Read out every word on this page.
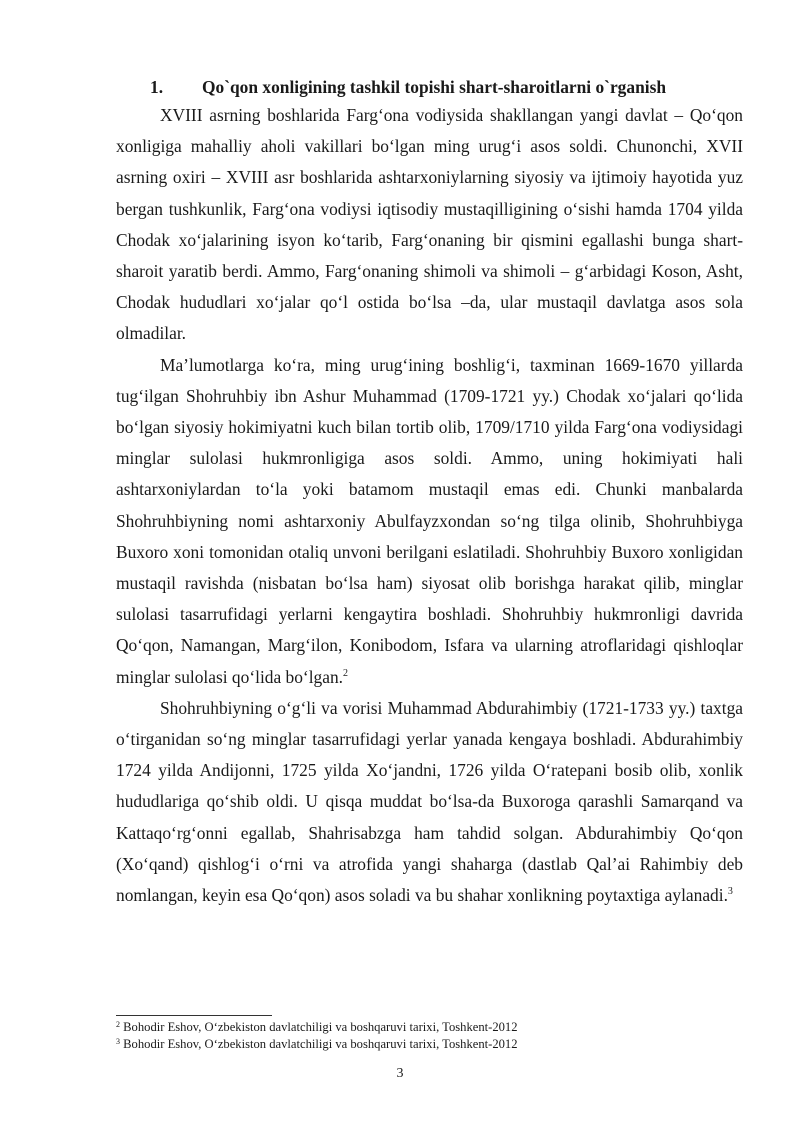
1. Qo`qon xonligining tashkil topishi shart-sharoitlarni o`rganish

XVIII asrning boshlarida Farg‘ona vodiysida shakllangan yangi davlat – Qo‘qon xonligiga mahalliy aholi vakillari bo‘lgan ming urug‘i asos soldi. Chunonchi, XVII asrning oxiri – XVIII asr boshlarida ashtarxoniylarning siyosiy va ijtimoiy hayotida yuz bergan tushkunlik, Farg‘ona vodiysi iqtisodiy mustaqilligining o‘sishi hamda 1704 yilda Chodak xo‘jalarining isyon ko‘tarib, Farg‘onaning bir qismini egallashi bunga shart-sharoit yaratib berdi. Ammo, Farg‘onaning shimoli va shimoli – g‘arbidagi Koson, Asht, Chodak hududlari xo‘jalar qo‘l ostida bo‘lsa –da, ular mustaqil davlatga asos sola olmadilar.

Ma’lumotlarga ko‘ra, ming urug‘ining boshlig‘i, taxminan 1669-1670 yillarda tug‘ilgan Shohruhbiy ibn Ashur Muhammad (1709-1721 yy.) Chodak xo‘jalari qo‘lida bo‘lgan siyosiy hokimiyatni kuch bilan tortib olib, 1709/1710 yilda Farg‘ona vodiysidagi minglar sulolasi hukmronligiga asos soldi. Ammo, uning hokimiyati hali ashtarxoniylardan to‘la yoki batamom mustaqil emas edi. Chunki manbalarda Shohruhbiyning nomi ashtarxoniy Abulfayzxondan so‘ng tilga olinib, Shohruhbiyga Buxoro xoni tomonidan otaliq unvoni berilgani eslatiladi. Shohruhbiy Buxoro xonligidan mustaqil ravishda (nisbatan bo‘lsa ham) siyosat olib borishga harakat qilib, minglar sulolasi tasarrufidagi yerlarni kengaytira boshladi. Shohruhbiy hukmronligi davrida Qo‘qon, Namangan, Marg‘ilon, Konibodom, Isfara va ularning atroflaridagi qishloqlar minglar sulolasi qo‘lida bo‘lgan.$^2$

Shohruhbiyning o‘g‘li va vorisi Muhammad Abdurahimbiy (1721-1733 yy.) taxtga o‘tirganidan so‘ng minglar tasarrufidagi yerlar yanada kengaya boshladi. Abdurahimbiy 1724 yilda Andijonni, 1725 yilda Xo‘jandni, 1726 yilda O‘ratepani bosib olib, xonlik hududlariga qo‘shib oldi. U qisqa muddat bo‘lsa-da Buxoroga qarashli Samarqand va Kattaqo‘rg‘onni egallab, Shahrisabzga ham tahdid solgan. Abdurahimbiy Qo‘qon (Xo‘qand) qishlog‘i o‘rni va atrofida yangi shaharga (dastlab Qal’ai Rahimbiy deb nomlangan, keyin esa Qo‘qon) asos soladi va bu shahar xonlikning poytaxtiga aylanadi.$^3$

$^2$ Bohodir Eshov, O‘zbekiston davlatchiligi va boshqaruvi tarixi, Toshkent-2012
$^3$ Bohodir Eshov, O‘zbekiston davlatchiligi va boshqaruvi tarixi, Toshkent-2012
3
